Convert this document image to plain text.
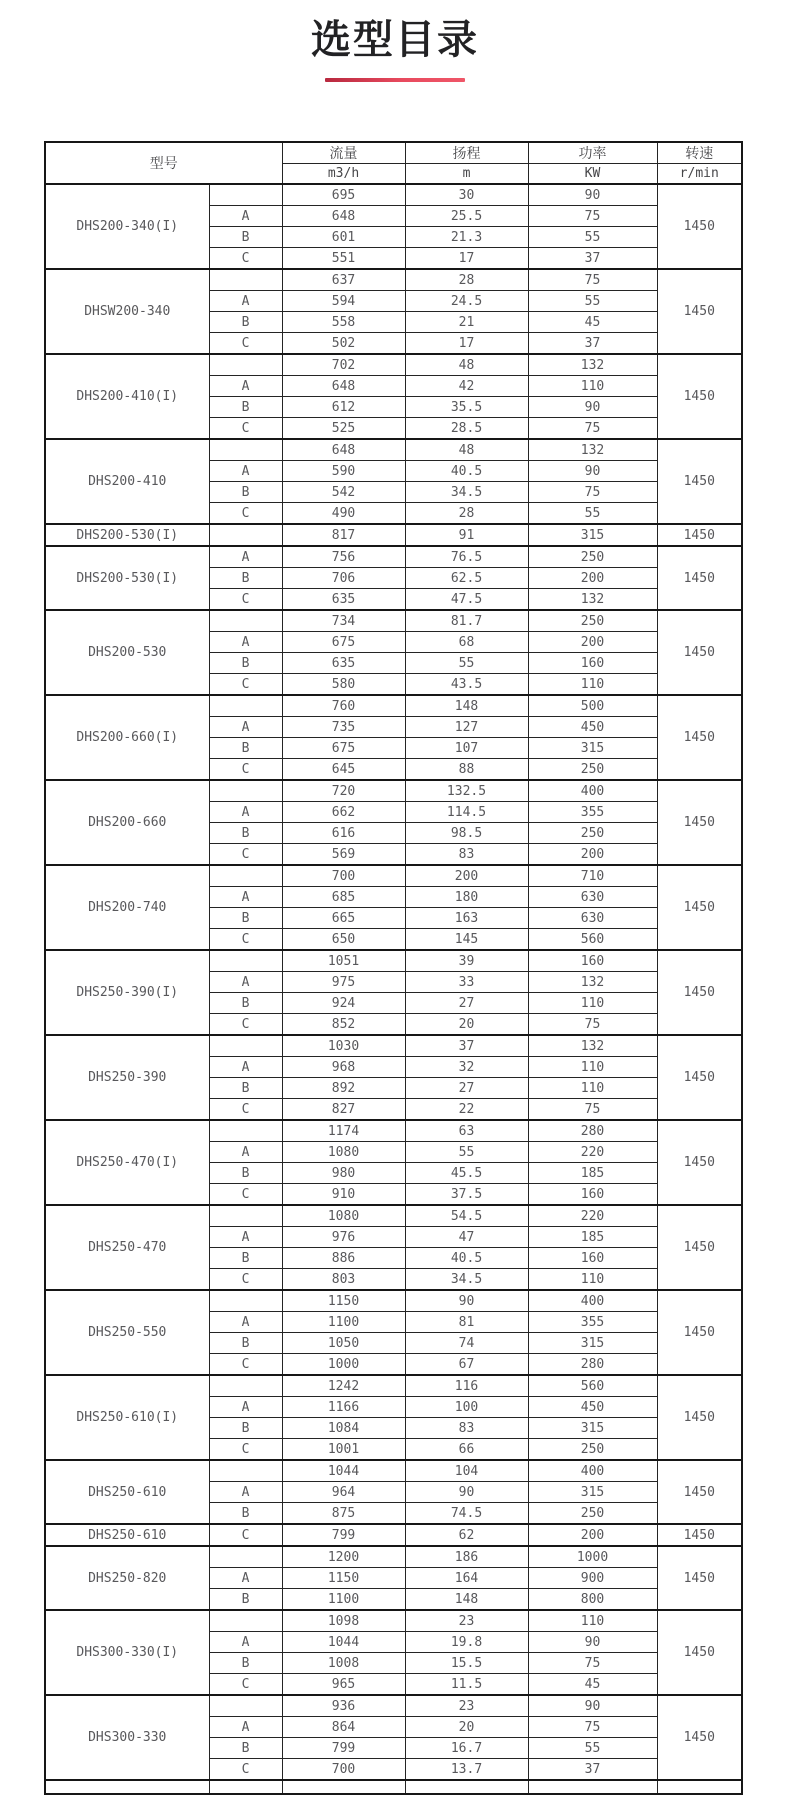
选型目录
型号		流量	扬程	功率	转速
		m3/h	m	KW	r/min
DHS200-340(I)		695	30	90	1450
	A	648	25.5	75	
	B	601	21.3	55	
	C	551	17	37	
DHSW200-340		637	28	75	1450
	A	594	24.5	55	
	B	558	21	45	
	C	502	17	37	
DHS200-410(I)		702	48	132	1450
	A	648	42	110	
	B	612	35.5	90	
	C	525	28.5	75	
DHS200-410		648	48	132	1450
	A	590	40.5	90	
	B	542	34.5	75	
	C	490	28	55	
DHS200-530(I)		817	91	315	1450
DHS200-530(I)	A	756	76.5	250	1450
	B	706	62.5	200	
	C	635	47.5	132	
DHS200-530		734	81.7	250	1450
	A	675	68	200	
	B	635	55	160	
	C	580	43.5	110	
DHS200-660(I)		760	148	500	1450
	A	735	127	450	
	B	675	107	315	
	C	645	88	250	
DHS200-660		720	132.5	400	1450
	A	662	114.5	355	
	B	616	98.5	250	
	C	569	83	200	
DHS200-740		700	200	710	1450
	A	685	180	630	
	B	665	163	630	
	C	650	145	560	
DHS250-390(I)		1051	39	160	1450
	A	975	33	132	
	B	924	27	110	
	C	852	20	75	
DHS250-390		1030	37	132	1450
	A	968	32	110	
	B	892	27	110	
	C	827	22	75	
DHS250-470(I)		1174	63	280	1450
	A	1080	55	220	
	B	980	45.5	185	
	C	910	37.5	160	
DHS250-470		1080	54.5	220	1450
	A	976	47	185	
	B	886	40.5	160	
	C	803	34.5	110	
DHS250-550		1150	90	400	1450
	A	1100	81	355	
	B	1050	74	315	
	C	1000	67	280	
DHS250-610(I)		1242	116	560	1450
	A	1166	100	450	
	B	1084	83	315	
	C	1001	66	250	
DHS250-610		1044	104	400	1450
	A	964	90	315	
	B	875	74.5	250	
DHS250-610	C	799	62	200	1450
DHS250-820		1200	186	1000	1450
	A	1150	164	900	
	B	1100	148	800	
DHS300-330(I)		1098	23	110	1450
	A	1044	19.8	90	
	B	1008	15.5	75	
	C	965	11.5	45	
DHS300-330		936	23	90	1450
	A	864	20	75	
	B	799	16.7	55	
	C	700	13.7	37	
